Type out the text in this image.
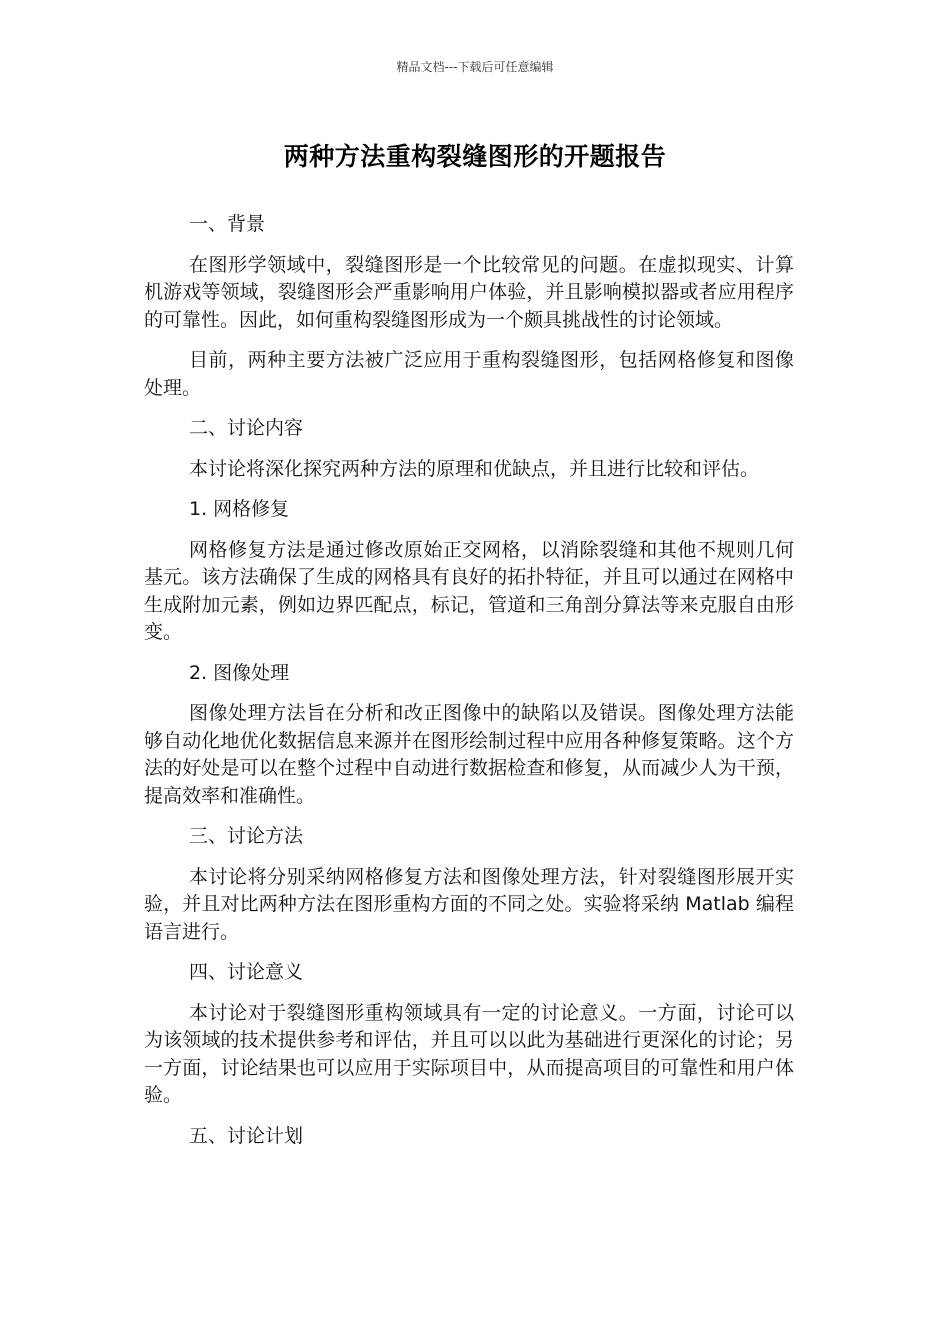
精品文档---下载后可任意编辑
两种方法重构裂缝图形的开题报告
一、背景

在图形学领域中，裂缝图形是一个比较常见的问题。在虚拟现实、计算机游戏等领域，裂缝图形会严重影响用户体验，并且影响模拟器或者应用程序的可靠性。因此，如何重构裂缝图形成为一个颇具挑战性的讨论领域。

目前，两种主要方法被广泛应用于重构裂缝图形，包括网格修复和图像处理。

二、讨论内容

本讨论将深化探究两种方法的原理和优缺点，并且进行比较和评估。

1. 网格修复

网格修复方法是通过修改原始正交网格，以消除裂缝和其他不规则几何基元。该方法确保了生成的网格具有良好的拓扑特征，并且可以通过在网格中生成附加元素，例如边界匹配点，标记，管道和三角剖分算法等来克服自由形变。

2. 图像处理

图像处理方法旨在分析和改正图像中的缺陷以及错误。图像处理方法能够自动化地优化数据信息来源并在图形绘制过程中应用各种修复策略。这个方法的好处是可以在整个过程中自动进行数据检查和修复，从而减少人为干预，提高效率和准确性。

三、讨论方法

本讨论将分别采纳网格修复方法和图像处理方法，针对裂缝图形展开实验，并且对比两种方法在图形重构方面的不同之处。实验将采纳 Matlab 编程语言进行。

四、讨论意义

本讨论对于裂缝图形重构领域具有一定的讨论意义。一方面，讨论可以为该领域的技术提供参考和评估，并且可以以此为基础进行更深化的讨论；另一方面，讨论结果也可以应用于实际项目中，从而提高项目的可靠性和用户体验。

五、讨论计划
